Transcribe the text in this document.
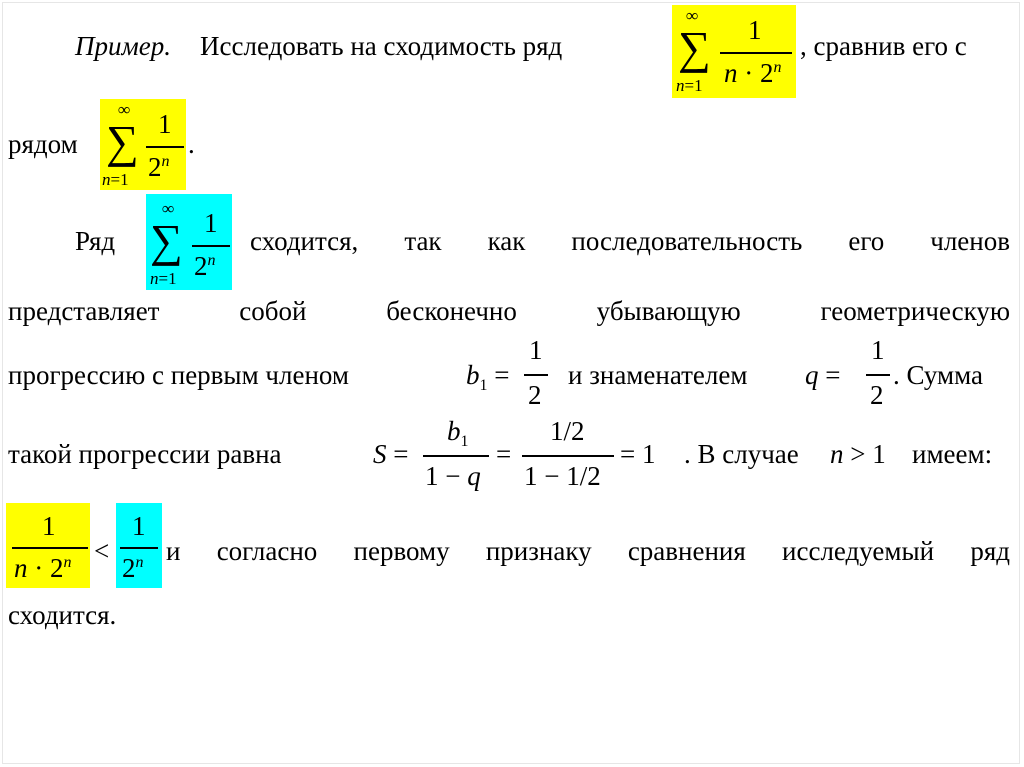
Пример. Исследовать на сходимость ряд
∞
∑
n=1
1
$n \cdot 2^n$
, сравнив его с
рядом
∞
∑
n=1
1
2$^n$
.
Ряд
∞
∑
n=1
1
2$^n$
сходится, так как последовательность его членов
представляет собой бесконечно убывающую геометрическую
прогрессию с первым членом	$b_1$ =
1
2
и знаменателем q =
1
2
. Сумма
такой прогрессии равна	S =
$b_1$
1 − q
=
1/2
1 − 1/2
= 1 . В случае n > 1 имеем:
1
$n \cdot 2^n$ <
1
2$^n$ и согласно первому признаку сравнения исследуемый ряд
сходится.
